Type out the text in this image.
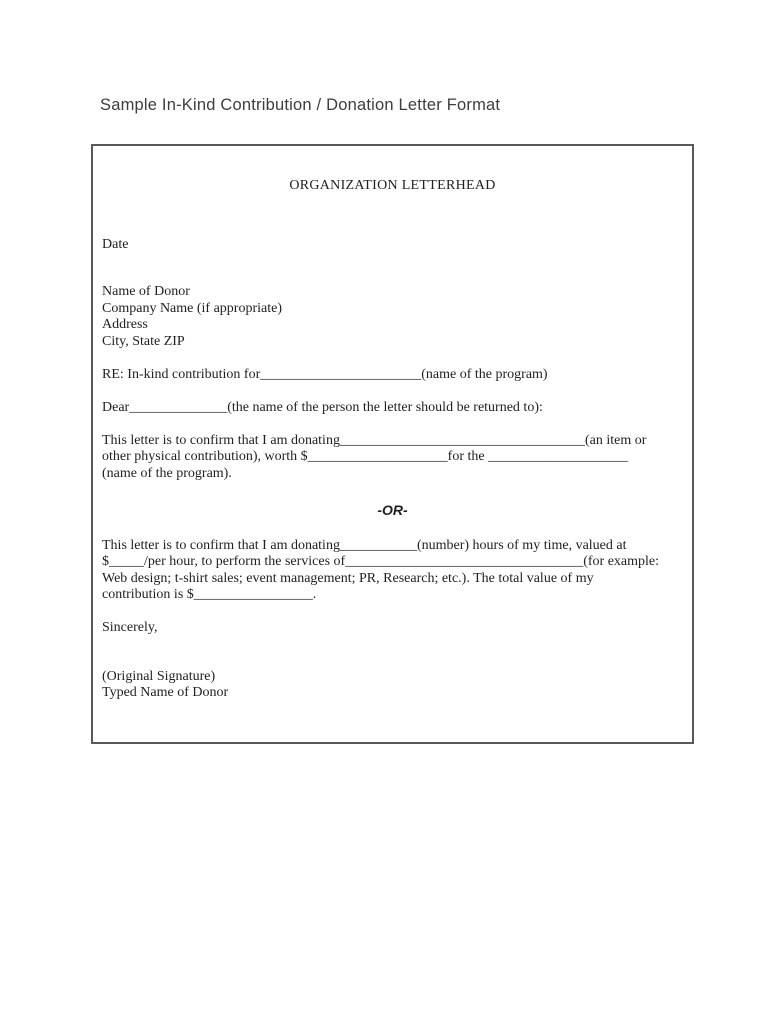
Sample In-Kind Contribution / Donation Letter Format
ORGANIZATION LETTERHEAD
Date
Name of Donor
Company Name (if appropriate)
Address
City, State ZIP
RE: In-kind contribution for_______________________(name of the program)
Dear______________(the name of the person the letter should be returned to):
This letter is to confirm that I am donating___________________________________(an item or
other physical contribution), worth $____________________for the ____________________
(name of the program).
-OR-
This letter is to confirm that I am donating___________(number) hours of my time, valued at
$_____/per hour, to perform the services of__________________________________(for example:
Web design; t-shirt sales; event management; PR, Research; etc.). The total value of my
contribution is $_________________.
Sincerely,
(Original Signature)
Typed Name of Donor
